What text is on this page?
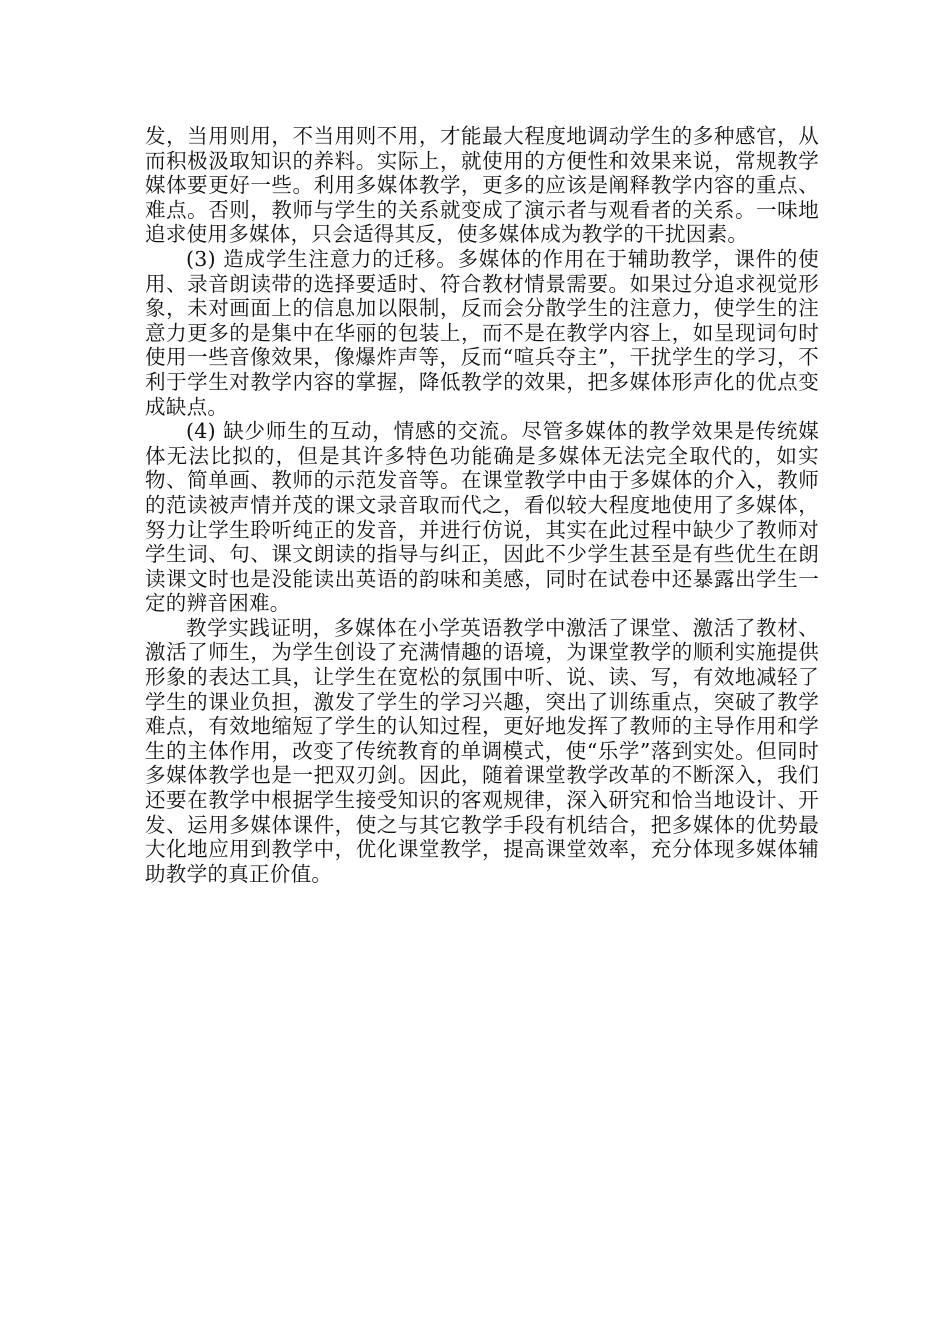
发，当用则用，不当用则不用，才能最大程度地调动学生的多种感官，从而积极汲取知识的养料。实际上，就使用的方便性和效果来说，常规教学媒体要更好一些。利用多媒体教学，更多的应该是阐释教学内容的重点、难点。否则，教师与学生的关系就变成了演示者与观看者的关系。一味地追求使用多媒体，只会适得其反，使多媒体成为教学的干扰因素。

(3) 造成学生注意力的迁移。多媒体的作用在于辅助教学，课件的使用、录音朗读带的选择要适时、符合教材情景需要。如果过分追求视觉形象，未对画面上的信息加以限制，反而会分散学生的注意力，使学生的注意力更多的是集中在华丽的包装上，而不是在教学内容上，如呈现词句时使用一些音像效果，像爆炸声等，反而“喧兵夺主”，干扰学生的学习，不利于学生对教学内容的掌握，降低教学的效果，把多媒体形声化的优点变成缺点。

(4) 缺少师生的互动，情感的交流。尽管多媒体的教学效果是传统媒体无法比拟的，但是其许多特色功能确是多媒体无法完全取代的，如实物、简单画、教师的示范发音等。在课堂教学中由于多媒体的介入，教师的范读被声情并茂的课文录音取而代之，看似较大程度地使用了多媒体，努力让学生聆听纯正的发音，并进行仿说，其实在此过程中缺少了教师对学生词、句、课文朗读的指导与纠正，因此不少学生甚至是有些优生在朗读课文时也是没能读出英语的韵味和美感，同时在试卷中还暴露出学生一定的辨音困难。

教学实践证明，多媒体在小学英语教学中激活了课堂、激活了教材、激活了师生，为学生创设了充满情趣的语境，为课堂教学的顺利实施提供形象的表达工具，让学生在宽松的氛围中听、说、读、写，有效地减轻了学生的课业负担，激发了学生的学习兴趣，突出了训练重点，突破了教学难点，有效地缩短了学生的认知过程，更好地发挥了教师的主导作用和学生的主体作用，改变了传统教育的单调模式，使“乐学”落到实处。但同时多媒体教学也是一把双刃剑。因此，随着课堂教学改革的不断深入，我们还要在教学中根据学生接受知识的客观规律，深入研究和恰当地设计、开发、运用多媒体课件，使之与其它教学手段有机结合，把多媒体的优势最大化地应用到教学中，优化课堂教学，提高课堂效率，充分体现多媒体辅助教学的真正价值。
